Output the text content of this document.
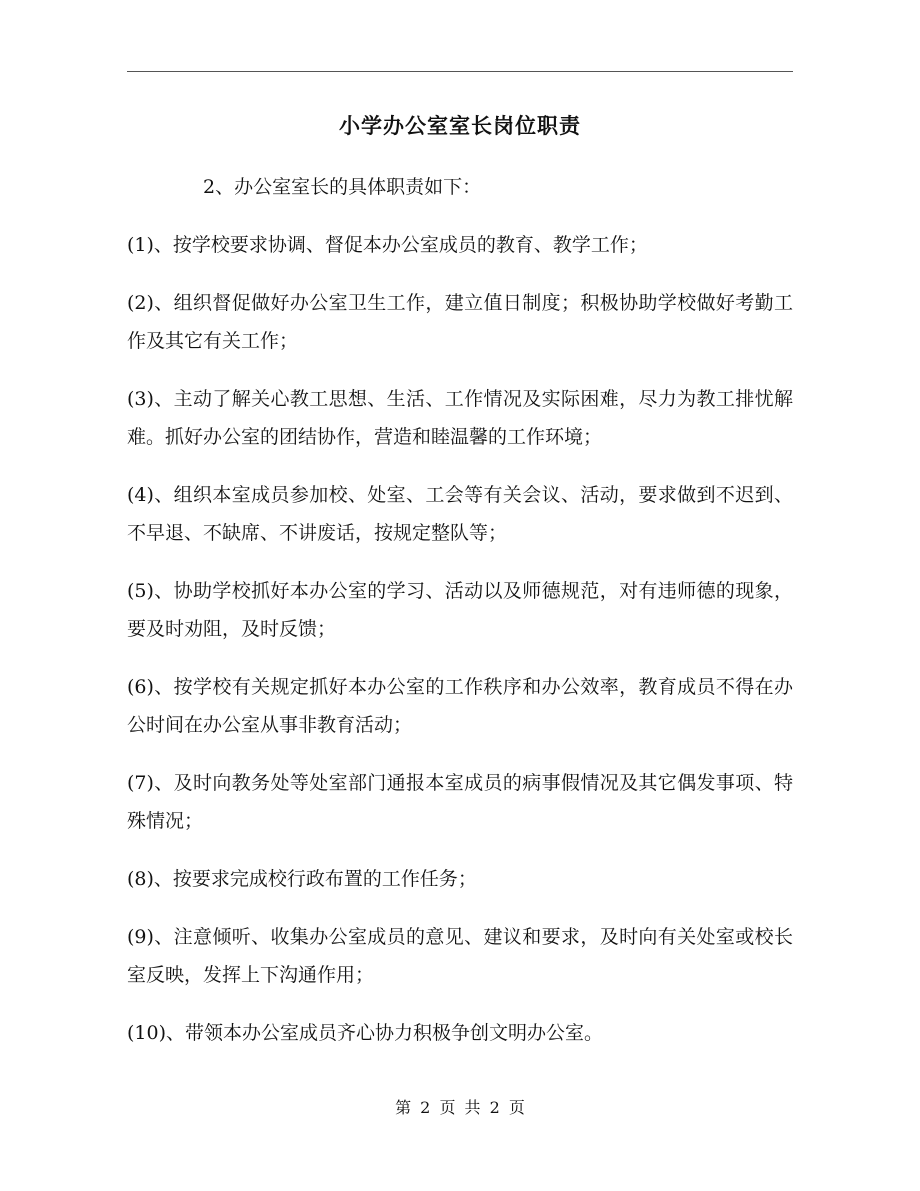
小学办公室室长岗位职责

2、办公室室长的具体职责如下：

(1)、按学校要求协调、督促本办公室成员的教育、教学工作；

(2)、组织督促做好办公室卫生工作，建立值日制度；积极协助学校做好考勤工作及其它有关工作；

(3)、主动了解关心教工思想、生活、工作情况及实际困难，尽力为教工排忧解难。抓好办公室的团结协作，营造和睦温馨的工作环境；

(4)、组织本室成员参加校、处室、工会等有关会议、活动，要求做到不迟到、不早退、不缺席、不讲废话，按规定整队等；

(5)、协助学校抓好本办公室的学习、活动以及师德规范，对有违师德的现象，要及时劝阻，及时反馈；

(6)、按学校有关规定抓好本办公室的工作秩序和办公效率，教育成员不得在办公时间在办公室从事非教育活动；

(7)、及时向教务处等处室部门通报本室成员的病事假情况及其它偶发事项、特殊情况；

(8)、按要求完成校行政布置的工作任务；

(9)、注意倾听、收集办公室成员的意见、建议和要求，及时向有关处室或校长室反映，发挥上下沟通作用；

(10)、带领本办公室成员齐心协力积极争创文明办公室。

第 2 页 共 2 页
